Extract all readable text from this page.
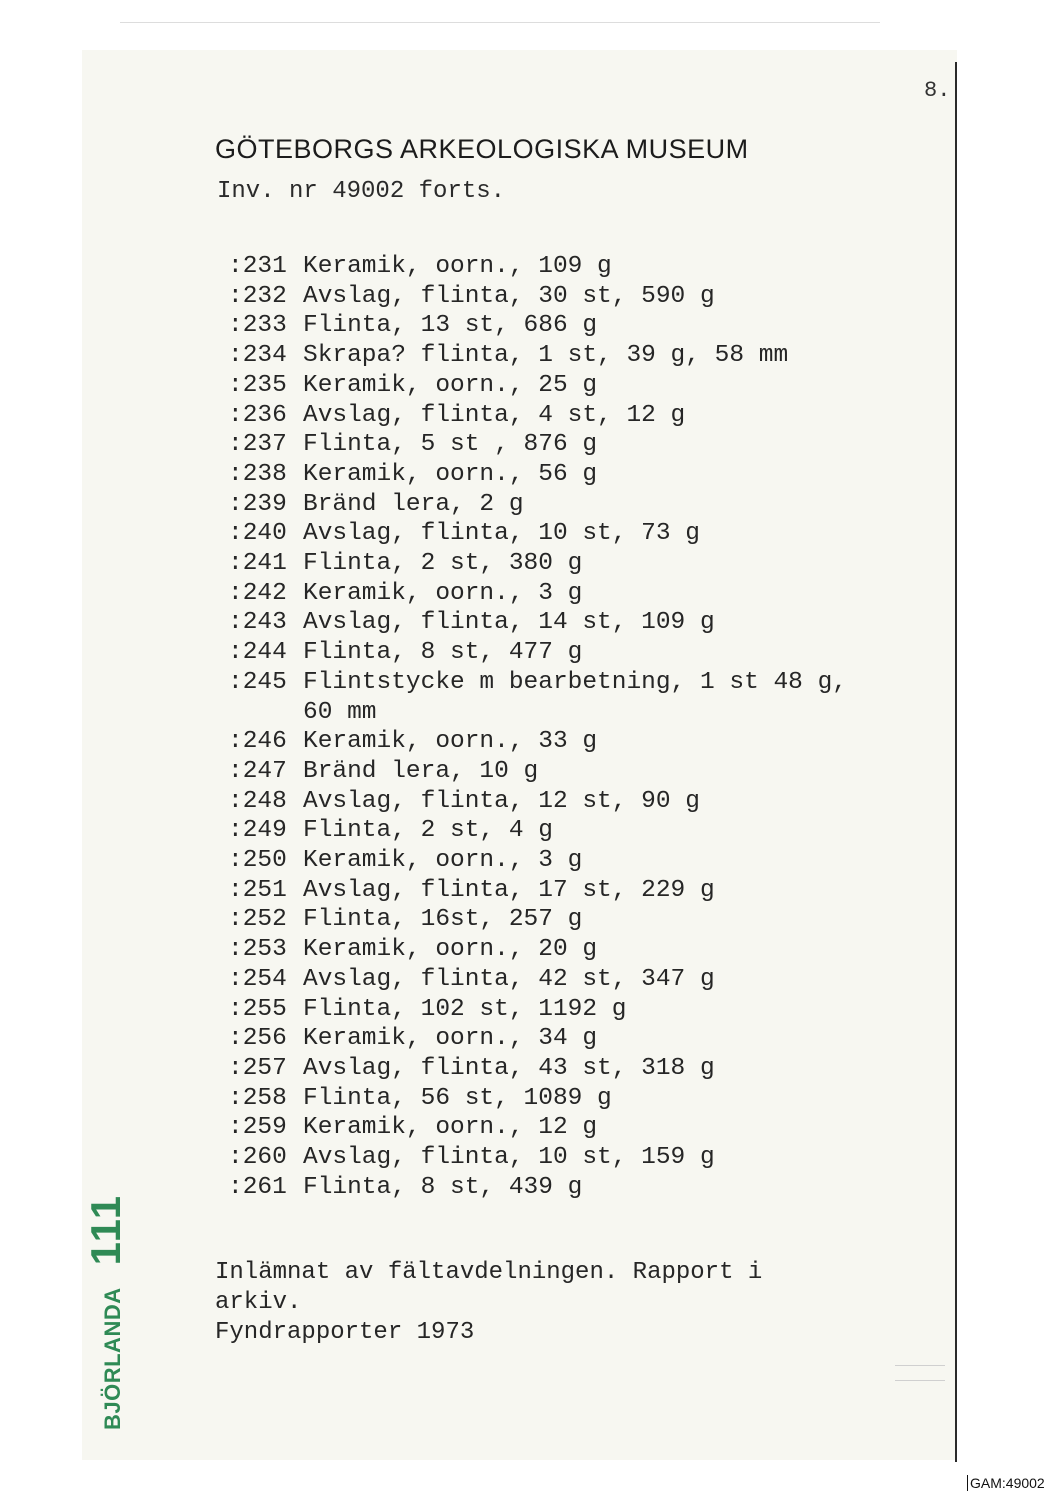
8.
GÖTEBORGS ARKEOLOGISKA MUSEUM
Inv. nr 49002 forts.
:231 Keramik, oorn., 109 g
:232 Avslag, flinta, 30 st, 590 g
:233 Flinta, 13 st, 686 g
:234 Skrapa? flinta, 1 st, 39 g, 58 mm
:235 Keramik, oorn., 25 g
:236 Avslag, flinta, 4 st, 12 g
:237 Flinta, 5 st , 876 g
:238 Keramik, oorn., 56 g
:239 Bränd lera, 2 g
:240 Avslag, flinta, 10 st, 73 g
:241 Flinta, 2 st, 380 g
:242 Keramik, oorn., 3 g
:243 Avslag, flinta, 14 st, 109 g
:244 Flinta, 8 st, 477 g
:245 Flintstycke m bearbetning, 1 st 48 g,
60 mm
:246 Keramik, oorn., 33 g
:247 Bränd lera, 10 g
:248 Avslag, flinta, 12 st, 90 g
:249 Flinta, 2 st, 4 g
:250 Keramik, oorn., 3 g
:251 Avslag, flinta, 17 st, 229 g
:252 Flinta, 16st, 257 g
:253 Keramik, oorn., 20 g
:254 Avslag, flinta, 42 st, 347 g
:255 Flinta, 102 st, 1192 g
:256 Keramik, oorn., 34 g
:257 Avslag, flinta, 43 st, 318 g
:258 Flinta, 56 st, 1089 g
:259 Keramik, oorn., 12 g
:260 Avslag, flinta, 10 st, 159 g
:261 Flinta, 8 st, 439 g
Inlämnat av fältavdelningen. Rapport i
arkiv.
Fyndrapporter 1973
BJÖRLANDA
111
GAM:49002
